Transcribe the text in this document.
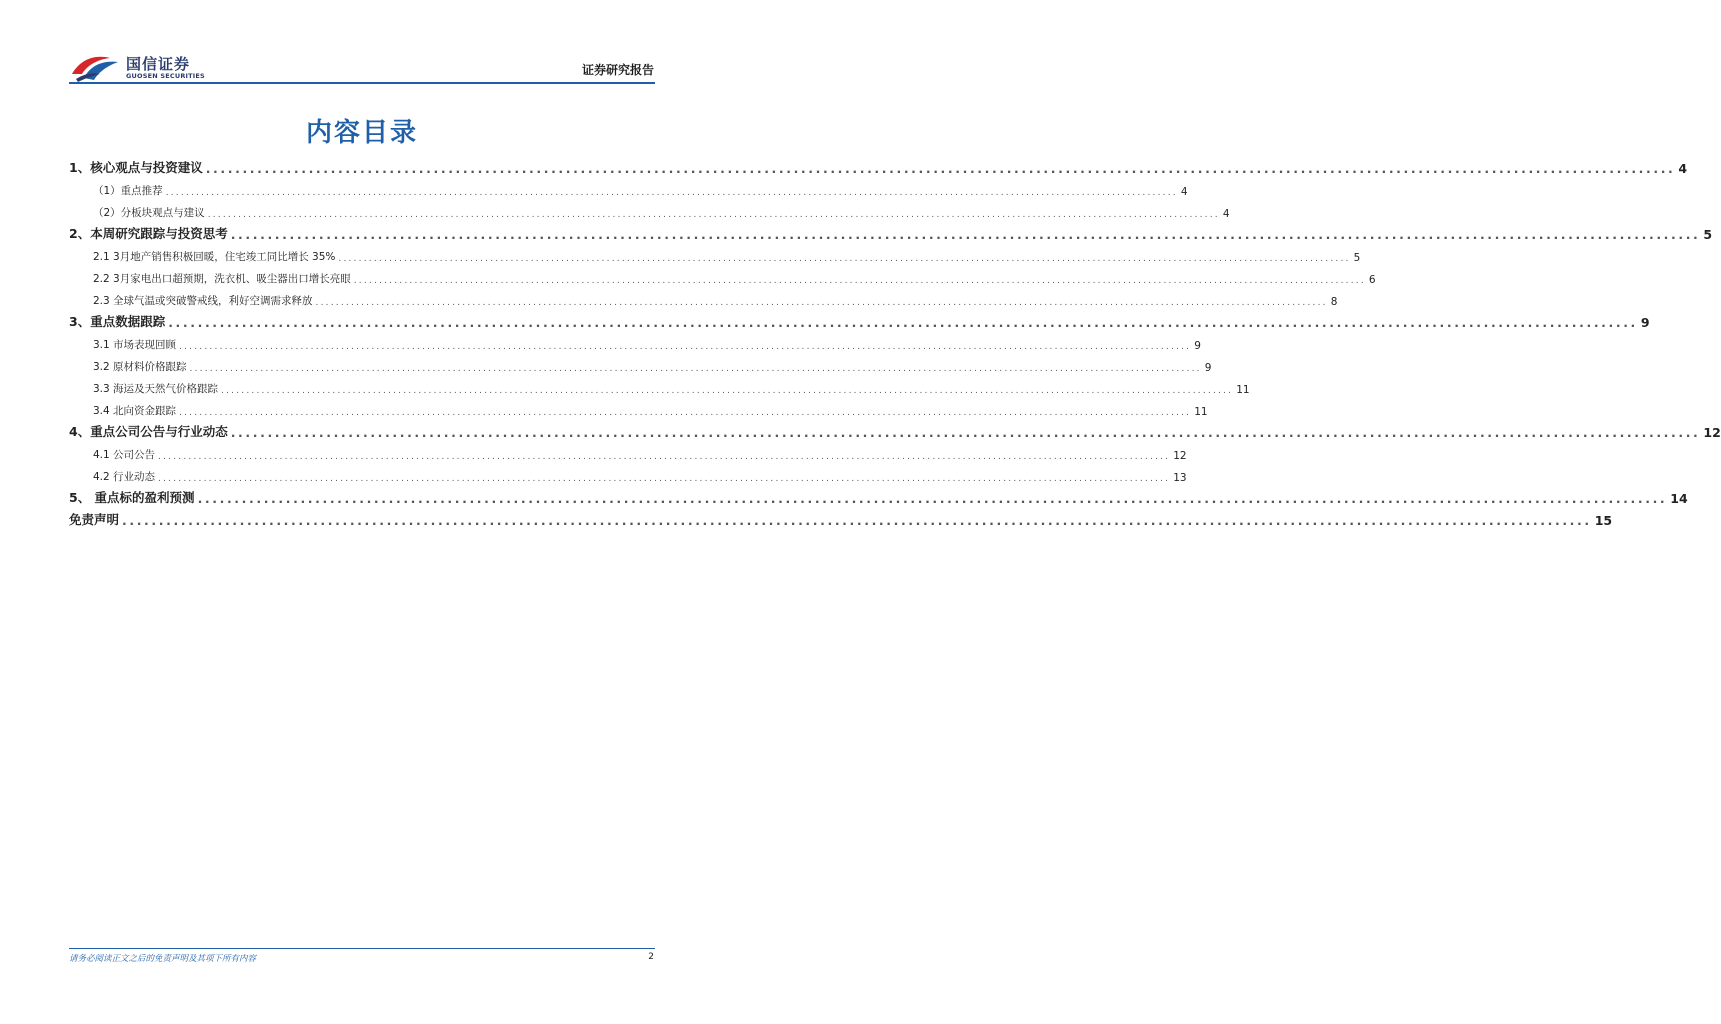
国信证券
GUOSEN SECURITIES	证券研究报告
内容目录
1、核心观点与投资建议 ........................................................................................................................................................................................................ 4
（1）重点推荐 ........................................................................................................................................................................................................ 4
（2）分板块观点与建议 ........................................................................................................................................................................................................ 4
2、本周研究跟踪与投资思考 ........................................................................................................................................................................................................ 5
2.1 3月地产销售积极回暖，住宅竣工同比增长 35% ........................................................................................................................................................................................................ 5
2.2 3月家电出口超预期，洗衣机、吸尘器出口增长亮眼 ........................................................................................................................................................................................................ 6
2.3 全球气温或突破警戒线，利好空调需求释放 ........................................................................................................................................................................................................ 8
3、重点数据跟踪 ........................................................................................................................................................................................................ 9
3.1 市场表现回顾 ........................................................................................................................................................................................................ 9
3.2 原材料价格跟踪 ........................................................................................................................................................................................................ 9
3.3 海运及天然气价格跟踪 ........................................................................................................................................................................................................ 11
3.4 北向资金跟踪 ........................................................................................................................................................................................................ 11
4、重点公司公告与行业动态 ........................................................................................................................................................................................................ 12
4.1 公司公告 ........................................................................................................................................................................................................ 12
4.2 行业动态 ........................................................................................................................................................................................................ 13
5、 重点标的盈利预测 ........................................................................................................................................................................................................ 14
免责声明 ........................................................................................................................................................................................................ 15
请务必阅读正文之后的免责声明及其项下所有内容	2
